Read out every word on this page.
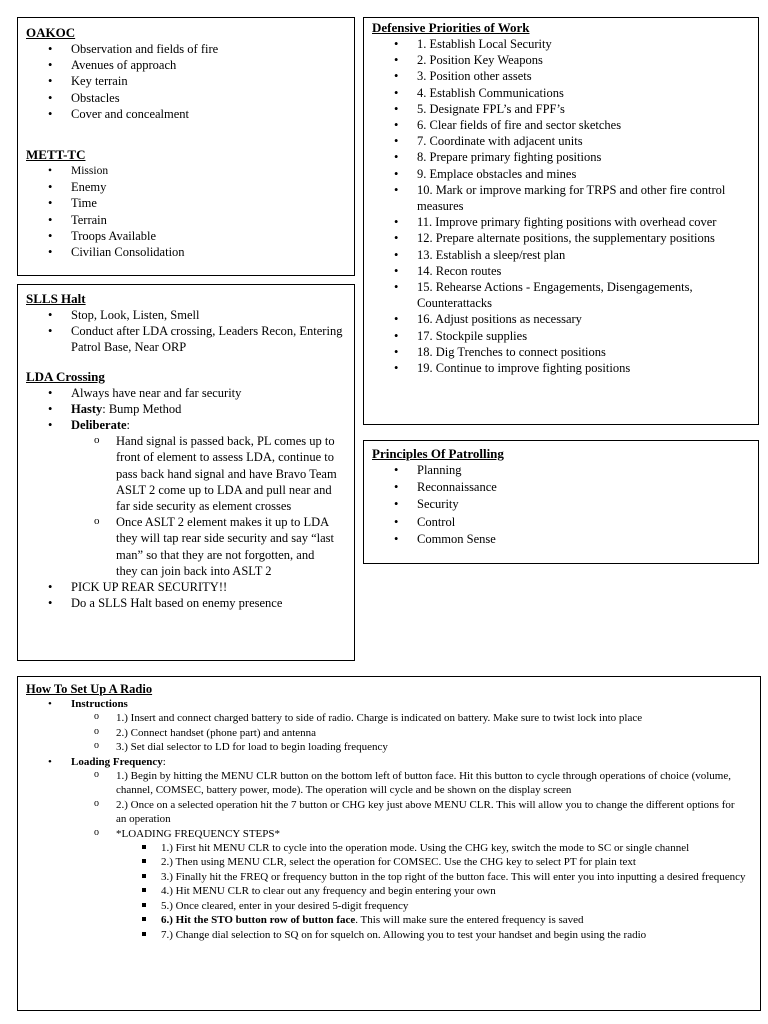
OAKOC
• Observation and fields of fire
• Avenues of approach
• Key terrain
• Obstacles
• Cover and concealment
METT-TC
• Mission
• Enemy
• Time
• Terrain
• Troops Available
• Civilian Consolidation
SLLS Halt
• Stop, Look, Listen, Smell
• Conduct after LDA crossing, Leaders Recon, Entering Patrol Base, Near ORP
LDA Crossing
• Always have near and far security
• Hasty: Bump Method
• Deliberate:
o Hand signal is passed back, PL comes up to front of element to assess LDA, continue to pass back hand signal and have Bravo Team ASLT 2 come up to LDA and pull near and far side security as element crosses
o Once ASLT 2 element makes it up to LDA they will tap rear side security and say “last man” so that they are not forgotten, and they can join back into ASLT 2
• PICK UP REAR SECURITY!!
• Do a SLLS Halt based on enemy presence
Defensive Priorities of Work
• 1. Establish Local Security
• 2. Position Key Weapons
• 3. Position other assets
• 4. Establish Communications
• 5. Designate FPL’s and FPF’s
• 6. Clear fields of fire and sector sketches
• 7. Coordinate with adjacent units
• 8. Prepare primary fighting positions
• 9. Emplace obstacles and mines
• 10. Mark or improve marking for TRPS and other fire control measures
• 11. Improve primary fighting positions with overhead cover
• 12. Prepare alternate positions, the supplementary positions
• 13. Establish a sleep/rest plan
• 14. Recon routes
• 15. Rehearse Actions - Engagements, Disengagements, Counterattacks
• 16. Adjust positions as necessary
• 17. Stockpile supplies
• 18. Dig Trenches to connect positions
• 19. Continue to improve fighting positions
Principles Of Patrolling
• Planning
• Reconnaissance
• Security
• Control
• Common Sense
How To Set Up A Radio
• Instructions
o 1.) Insert and connect charged battery to side of radio. Charge is indicated on battery. Make sure to twist lock into place
o 2.) Connect handset (phone part) and antenna
o 3.) Set dial selector to LD for load to begin loading frequency
• Loading Frequency:
o 1.) Begin by hitting the MENU CLR button on the bottom left of button face. Hit this button to cycle through operations of choice (volume, channel, COMSEC, battery power, mode). The operation will cycle and be shown on the display screen
o 2.) Once on a selected operation hit the 7 button or CHG key just above MENU CLR. This will allow you to change the different options for an operation
o *LOADING FREQUENCY STEPS*
1.) First hit MENU CLR to cycle into the operation mode. Using the CHG key, switch the mode to SC or single channel
2.) Then using MENU CLR, select the operation for COMSEC. Use the CHG key to select PT for plain text
3.) Finally hit the FREQ or frequency button in the top right of the button face. This will enter you into inputting a desired frequency
4.) Hit MENU CLR to clear out any frequency and begin entering your own
5.) Once cleared, enter in your desired 5-digit frequency
6.) Hit the STO button row of button face. This will make sure the entered frequency is saved
7.) Change dial selection to SQ on for squelch on. Allowing you to test your handset and begin using the radio
